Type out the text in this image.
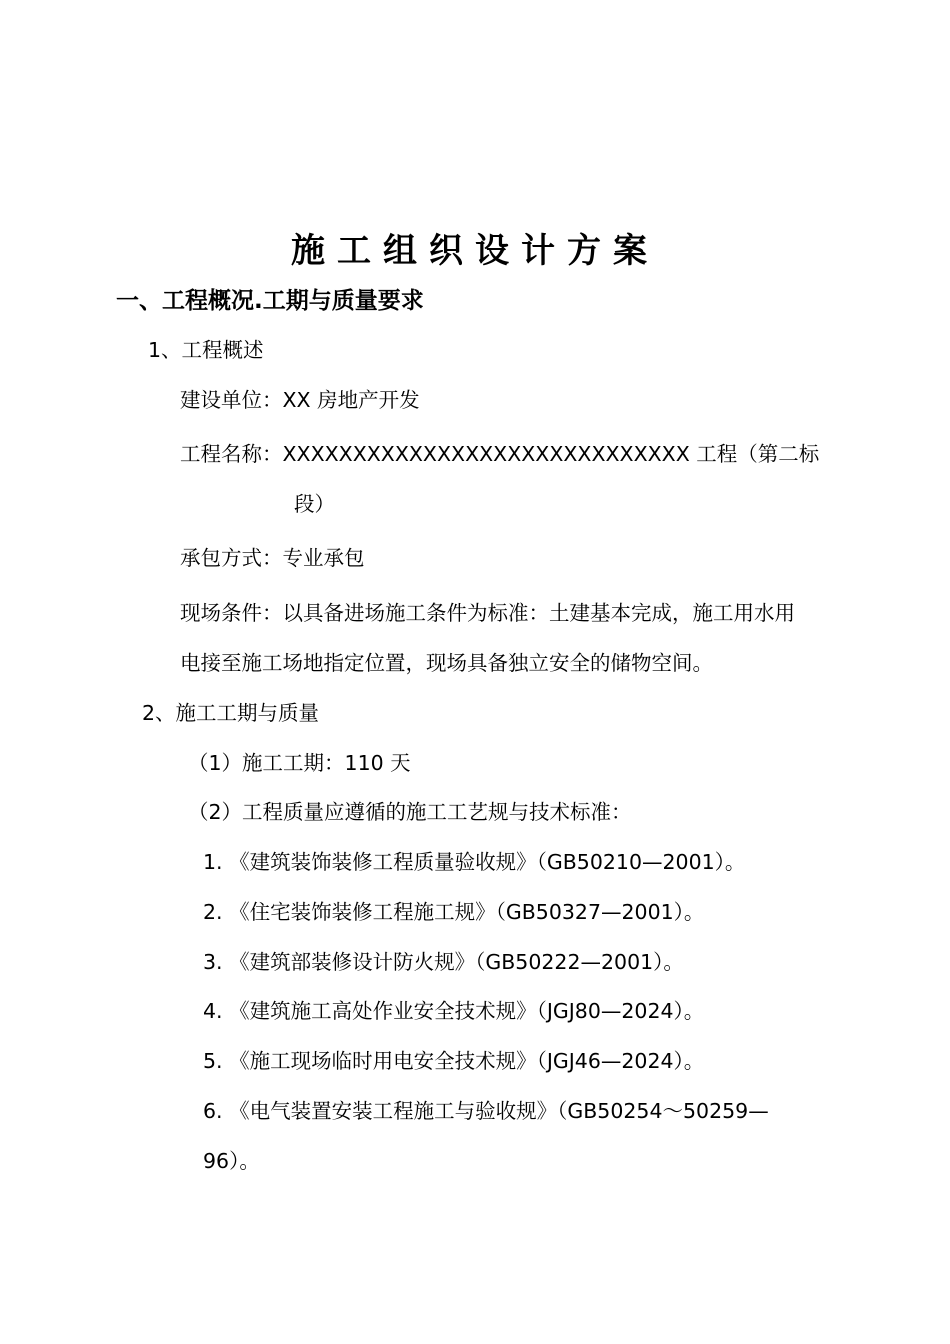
施工组织设计方案
一、工程概况.工期与质量要求
1、工程概述
建设单位：XX 房地产开发
工程名称：XXXXXXXXXXXXXXXXXXXXXXXXXXXXX 工程（第二标
段）
承包方式：专业承包
现场条件：以具备进场施工条件为标准：土建基本完成，施工用水用
电接至施工场地指定位置，现场具备独立安全的储物空间。
2、施工工期与质量
（1）施工工期：110 天
（2）工程质量应遵循的施工工艺规与技术标准：
1. 《建筑装饰装修工程质量验收规》（GB50210—2001）。
2. 《住宅装饰装修工程施工规》（GB50327—2001）。
3. 《建筑部装修设计防火规》（GB50222—2001）。
4. 《建筑施工高处作业安全技术规》（JGJ80—2024）。
5. 《施工现场临时用电安全技术规》（JGJ46—2024）。
6. 《电气装置安装工程施工与验收规》（GB50254～50259—
96）。
